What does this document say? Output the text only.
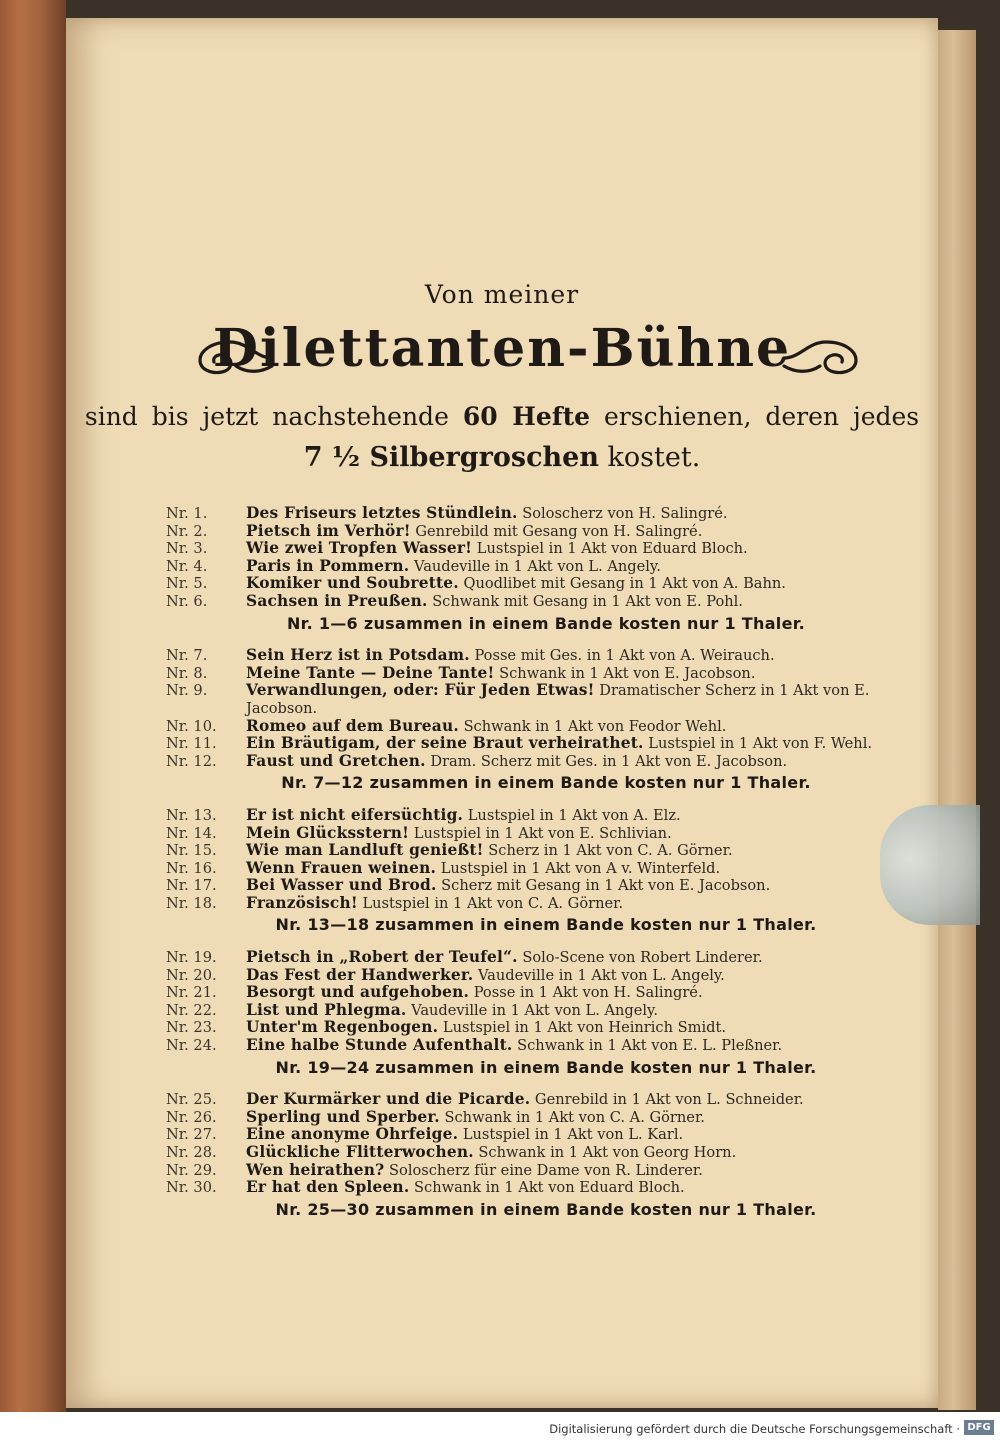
Von meiner
Dilettanten-Bühne
sind bis jetzt nachstehende 60 Hefte erschienen, deren jedes
7 ½ Silbergroschen kostet.
Nr. 1.	Des Friseurs letztes Stündlein. Soloscherz von H. Salingré.
Nr. 2.	Pietsch im Verhör! Genrebild mit Gesang von H. Salingré.
Nr. 3.	Wie zwei Tropfen Wasser! Lustspiel in 1 Akt von Eduard Bloch.
Nr. 4.	Paris in Pommern. Vaudeville in 1 Akt von L. Angely.
Nr. 5.	Komiker und Soubrette. Quodlibet mit Gesang in 1 Akt von A. Bahn.
Nr. 6.	Sachsen in Preußen. Schwank mit Gesang in 1 Akt von E. Pohl.
Nr. 1—6 zusammen in einem Bande kosten nur 1 Thaler.
Nr. 7.	Sein Herz ist in Potsdam. Posse mit Ges. in 1 Akt von A. Weirauch.
Nr. 8.	Meine Tante — Deine Tante! Schwank in 1 Akt von E. Jacobson.
Nr. 9.	Verwandlungen, oder: Für Jeden Etwas! Dramatischer Scherz in 1 Akt von E. Jacobson.
Nr. 10.	Romeo auf dem Bureau. Schwank in 1 Akt von Feodor Wehl.
Nr. 11.	Ein Bräutigam, der seine Braut verheirathet. Lustspiel in 1 Akt von F. Wehl.
Nr. 12.	Faust und Gretchen. Dram. Scherz mit Ges. in 1 Akt von E. Jacobson.
Nr. 7—12 zusammen in einem Bande kosten nur 1 Thaler.
Nr. 13.	Er ist nicht eifersüchtig. Lustspiel in 1 Akt von A. Elz.
Nr. 14.	Mein Glücksstern! Lustspiel in 1 Akt von E. Schlivian.
Nr. 15.	Wie man Landluft genießt! Scherz in 1 Akt von C. A. Görner.
Nr. 16.	Wenn Frauen weinen. Lustspiel in 1 Akt von A v. Winterfeld.
Nr. 17.	Bei Wasser und Brod. Scherz mit Gesang in 1 Akt von E. Jacobson.
Nr. 18.	Französisch! Lustspiel in 1 Akt von C. A. Görner.
Nr. 13—18 zusammen in einem Bande kosten nur 1 Thaler.
Nr. 19.	Pietsch in „Robert der Teufel“. Solo-Scene von Robert Linderer.
Nr. 20.	Das Fest der Handwerker. Vaudeville in 1 Akt von L. Angely.
Nr. 21.	Besorgt und aufgehoben. Posse in 1 Akt von H. Salingré.
Nr. 22.	List und Phlegma. Vaudeville in 1 Akt von L. Angely.
Nr. 23.	Unter'm Regenbogen. Lustspiel in 1 Akt von Heinrich Smidt.
Nr. 24.	Eine halbe Stunde Aufenthalt. Schwank in 1 Akt von E. L. Pleßner.
Nr. 19—24 zusammen in einem Bande kosten nur 1 Thaler.
Nr. 25.	Der Kurmärker und die Picarde. Genrebild in 1 Akt von L. Schneider.
Nr. 26.	Sperling und Sperber. Schwank in 1 Akt von C. A. Görner.
Nr. 27.	Eine anonyme Ohrfeige. Lustspiel in 1 Akt von L. Karl.
Nr. 28.	Glückliche Flitterwochen. Schwank in 1 Akt von Georg Horn.
Nr. 29.	Wen heirathen? Soloscherz für eine Dame von R. Linderer.
Nr. 30.	Er hat den Spleen. Schwank in 1 Akt von Eduard Bloch.
Nr. 25—30 zusammen in einem Bande kosten nur 1 Thaler.
Digitalisierung gefördert durch die Deutsche Forschungsgemeinschaft · DFG
